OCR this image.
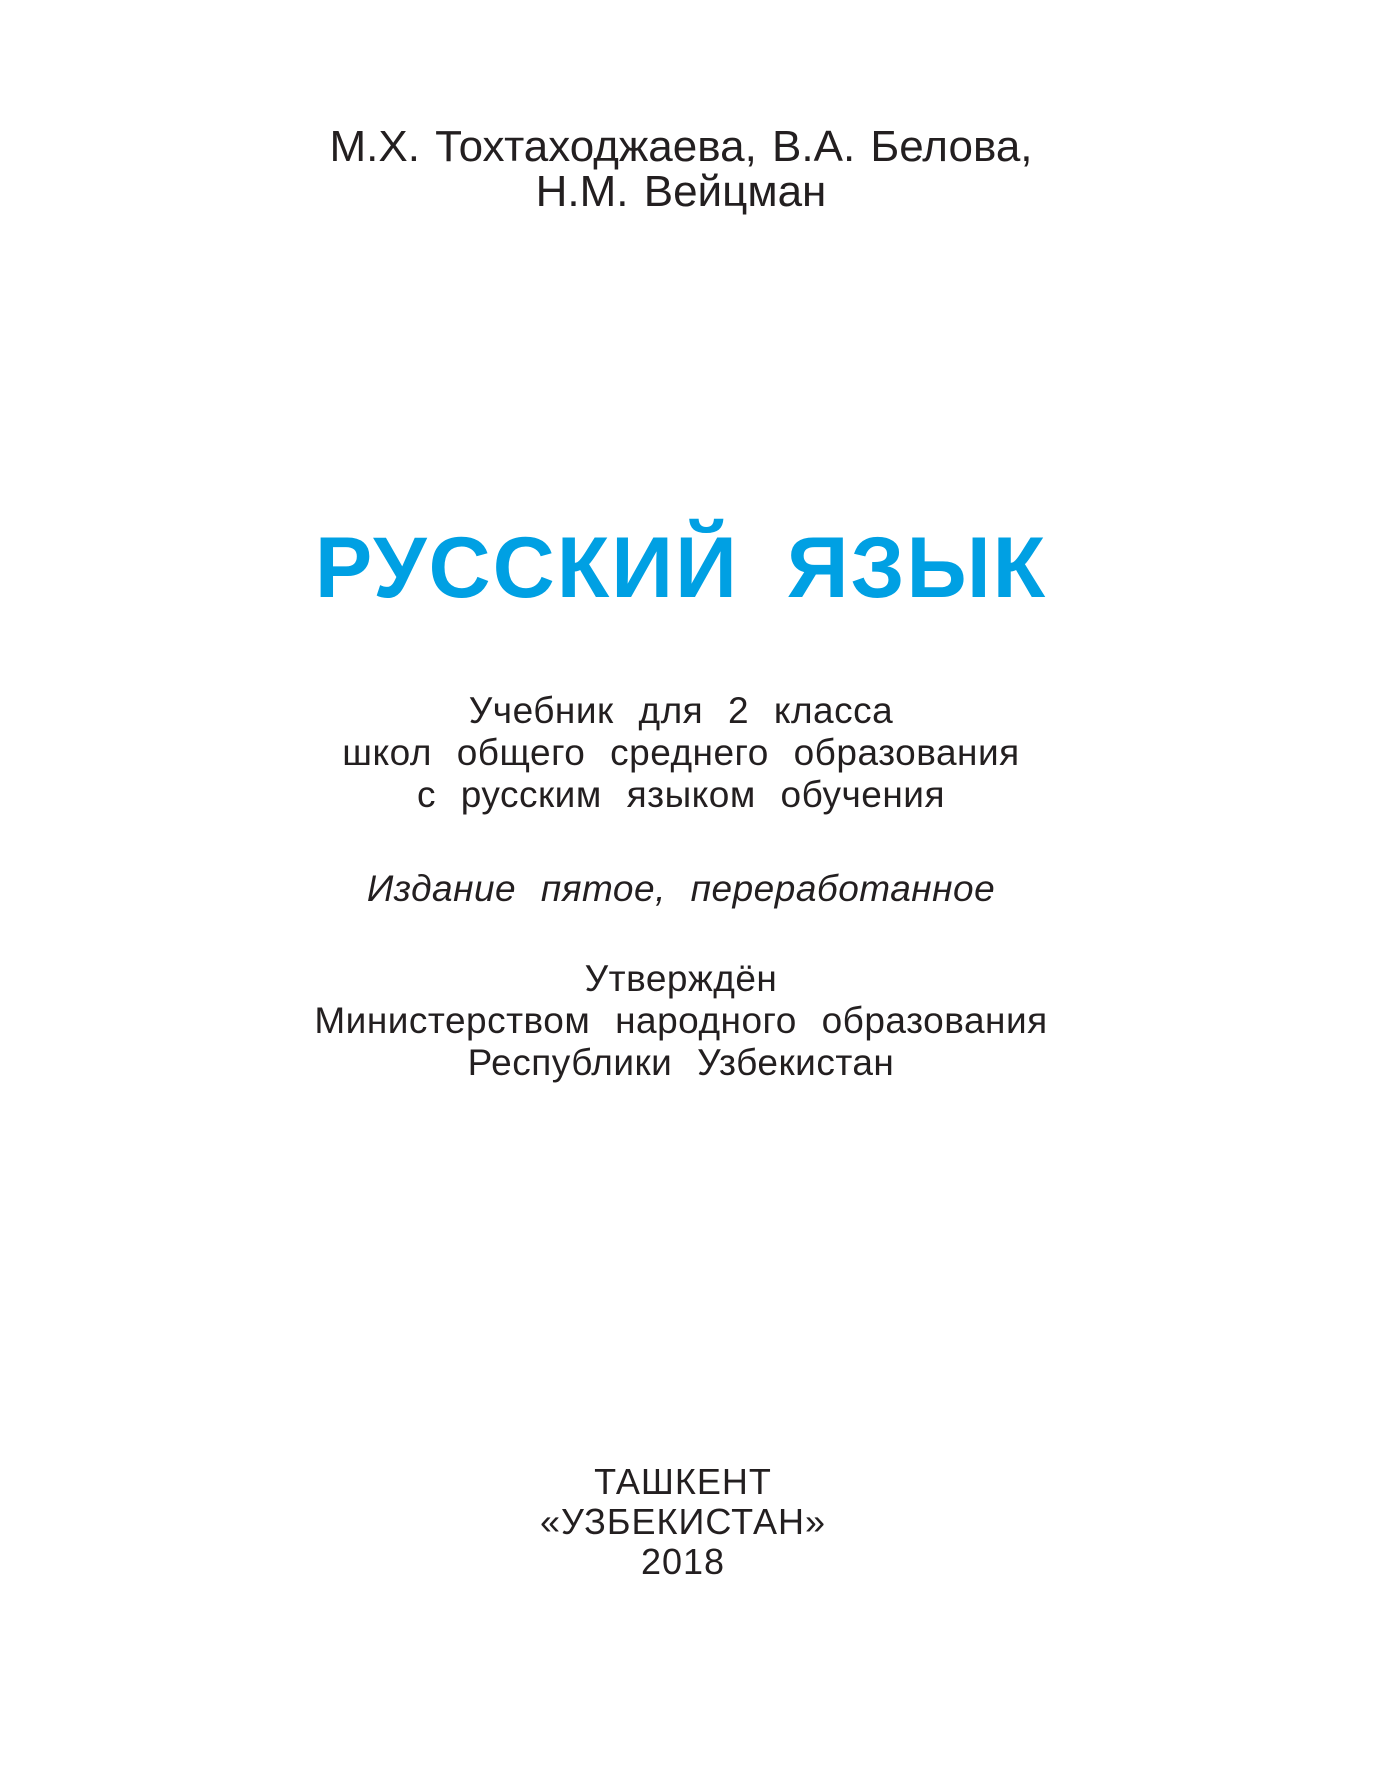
М.Х. Тохтаходжаева, В.А. Белова,

Н.М. Вейцман

РУССКИЙ ЯЗЫК

Учебник для 2 класса

школ общего среднего образования

с русским языком обучения

Издание пятое, переработанное

Утверждён

Министерством народного образования

Республики Узбекистан

ТАШКЕНТ

«УЗБЕКИСТАН»

2018
